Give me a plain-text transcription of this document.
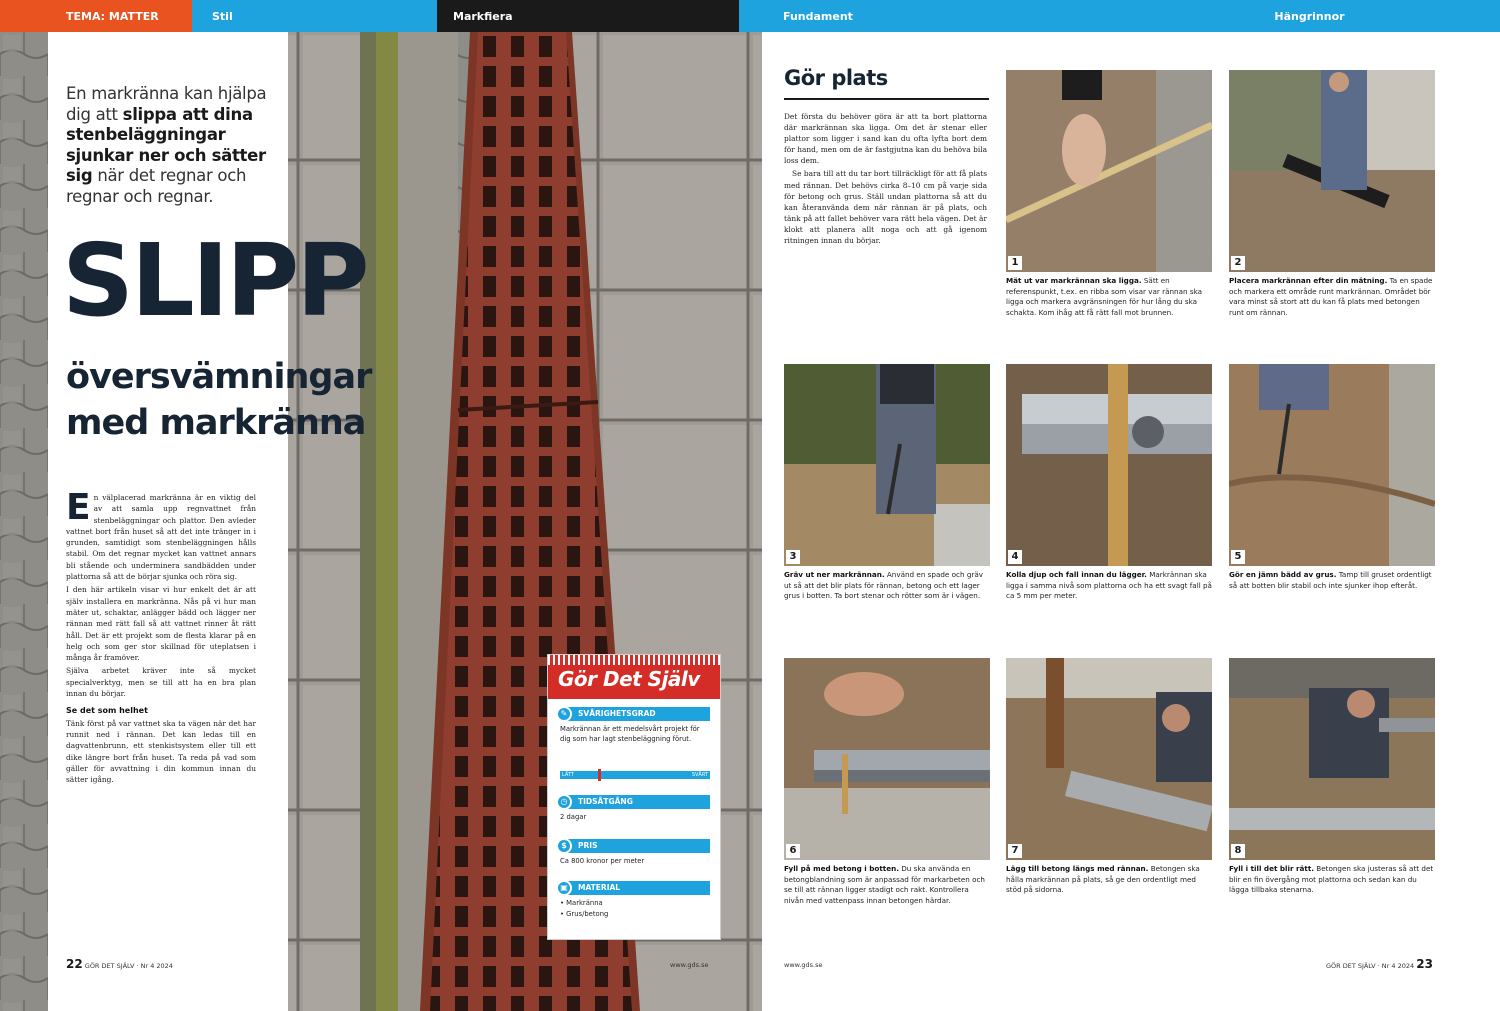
TEMA: MATTER	Stil	Markfiera	Fundament	Hängrinnor
En markränna kan hjälpa dig att slippa att dina stenbeläggningar sjunkar ner och sätter sig när det regnar och regnar och regnar.
SLIPP
översvämningar
med markränna

En välplacerad markränna är en viktig del av att samla upp regnvattnet från stenbeläggningar och plattor. Den avleder vattnet bort från huset så att det inte tränger in i grunden, samtidigt som stenbeläggningen hålls stabil. Om det regnar mycket kan vattnet annars bli stående och underminera sandbädden under plattorna så att de börjar sjunka och röra sig.

I den här artikeln visar vi hur enkelt det är att själv installera en markränna. Nås på vi hur man mäter ut, schaktar, anlägger bädd och lägger ner rännan med rätt fall så att vattnet rinner åt rätt håll. Det är ett projekt som de flesta klarar på en helg och som ger stor skillnad för uteplatsen i många år framöver.

Själva arbetet kräver inte så mycket specialverktyg, men se till att ha en bra plan innan du börjar.

Se det som helhet

Tänk först på var vattnet ska ta vägen när det har runnit ned i rännan. Det kan ledas till en dagvattenbrunn, ett stenkistsystem eller till ett dike längre bort från huset. Ta reda på vad som gäller för avvattning i din kommun innan du sätter igång.

Gör Det Själv
✎	SVÅRIGHETSGRAD
Markrännan är ett medelsvårt projekt för dig som har lagt stenbeläggning förut.
LÄTT	SVÅRT
◷	TIDSÅTGÅNG
2 dagar
$	PRIS
Ca 800 kronor per meter
▣	MATERIAL
• Markränna
• Grus/betong
22 GÖR DET SJÄLV · Nr 4 2024	www.gds.se
Gör plats

Det första du behöver göra är att ta bort plattorna där markrännan ska ligga. Om det är stenar eller plattor som ligger i sand kan du ofta lyfta bort dem för hand, men om de är fastgjutna kan du behöva bila loss dem.

Se bara till att du tar bort tillräckligt för att få plats med rännan. Det behövs cirka 8–10 cm på varje sida för betong och grus. Ställ undan plattorna så att du kan återanvända dem när rännan är på plats, och tänk på att fallet behöver vara rätt hela vägen. Det är klokt att planera allt noga och att gå igenom ritningen innan du börjar.

1	2
3	4	5
6	7	8
Mät ut var markrännan ska ligga. Sätt en referenspunkt, t.ex. en ribba som visar var rännan ska ligga och markera avgränsningen för hur lång du ska schakta. Kom ihåg att få rätt fall mot brunnen.
Placera markrännan efter din mätning. Ta en spade och markera ett område runt markrännan. Området bör vara minst så stort att du kan få plats med betongen runt om rännan.
Gräv ut ner markrännan. Använd en spade och gräv ut så att det blir plats för rännan, betong och ett lager grus i botten. Ta bort stenar och rötter som är i vägen.
Kolla djup och fall innan du lägger. Markrännan ska ligga i samma nivå som plattorna och ha ett svagt fall på ca 5 mm per meter.
Gör en jämn bädd av grus. Tamp till gruset ordentligt så att botten blir stabil och inte sjunker ihop efteråt.
Fyll på med betong i botten. Du ska använda en betongblandning som är anpassad för markarbeten och se till att rännan ligger stadigt och rakt. Kontrollera nivån med vattenpass innan betongen härdar.
Lägg till betong längs med rännan. Betongen ska hålla markrännan på plats, så ge den ordentligt med stöd på sidorna.
Fyll i till det blir rätt. Betongen ska justeras så att det blir en fin övergång mot plattorna och sedan kan du lägga tillbaka stenarna.
www.gds.se	GÖR DET SJÄLV · Nr 4 2024 23
